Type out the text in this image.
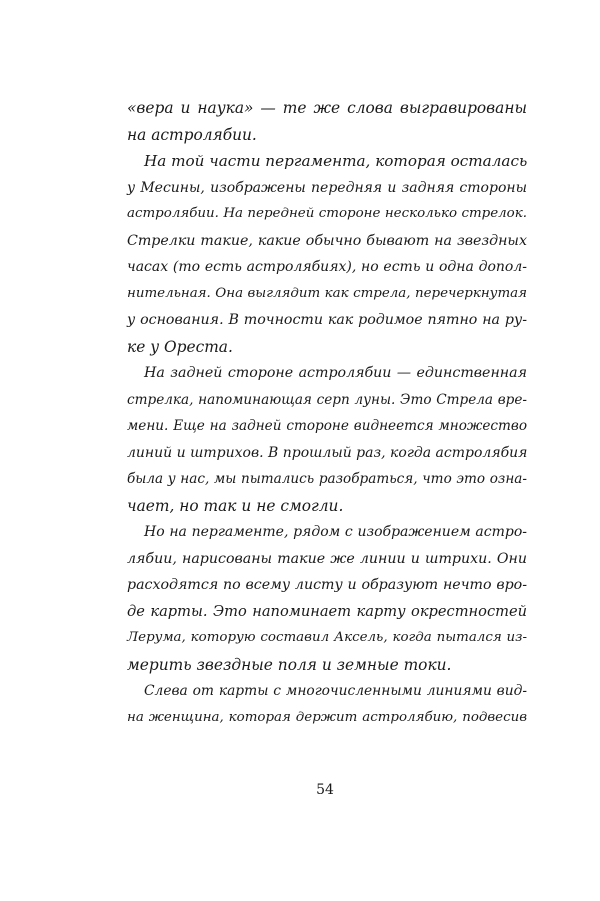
«вера и наука» — те же слова выгравированы
на астролябии.
На той части пергамента, которая осталась
у Месины, изображены передняя и задняя стороны
астролябии. На передней стороне несколько стрелок.
Стрелки такие, какие обычно бывают на звездных
часах (то есть астролябиях), но есть и одна допол-
нительная. Она выглядит как стрела, перечеркнутая
у основания. В точности как родимое пятно на ру-
ке у Ореста.
На задней стороне астролябии — единственная
стрелка, напоминающая серп луны. Это Стрела вре-
мени. Еще на задней стороне виднеется множество
линий и штрихов. В прошлый раз, когда астролябия
была у нас, мы пытались разобраться, что это озна-
чает, но так и не смогли.
Но на пергаменте, рядом с изображением астро-
лябии, нарисованы такие же линии и штрихи. Они
расходятся по всему листу и образуют нечто вро-
де карты. Это напоминает карту окрестностей
Лерума, которую составил Аксель, когда пытался из-
мерить звездные поля и земные токи.
Слева от карты с многочисленными линиями вид-
на женщина, которая держит астролябию, подвесив
54
